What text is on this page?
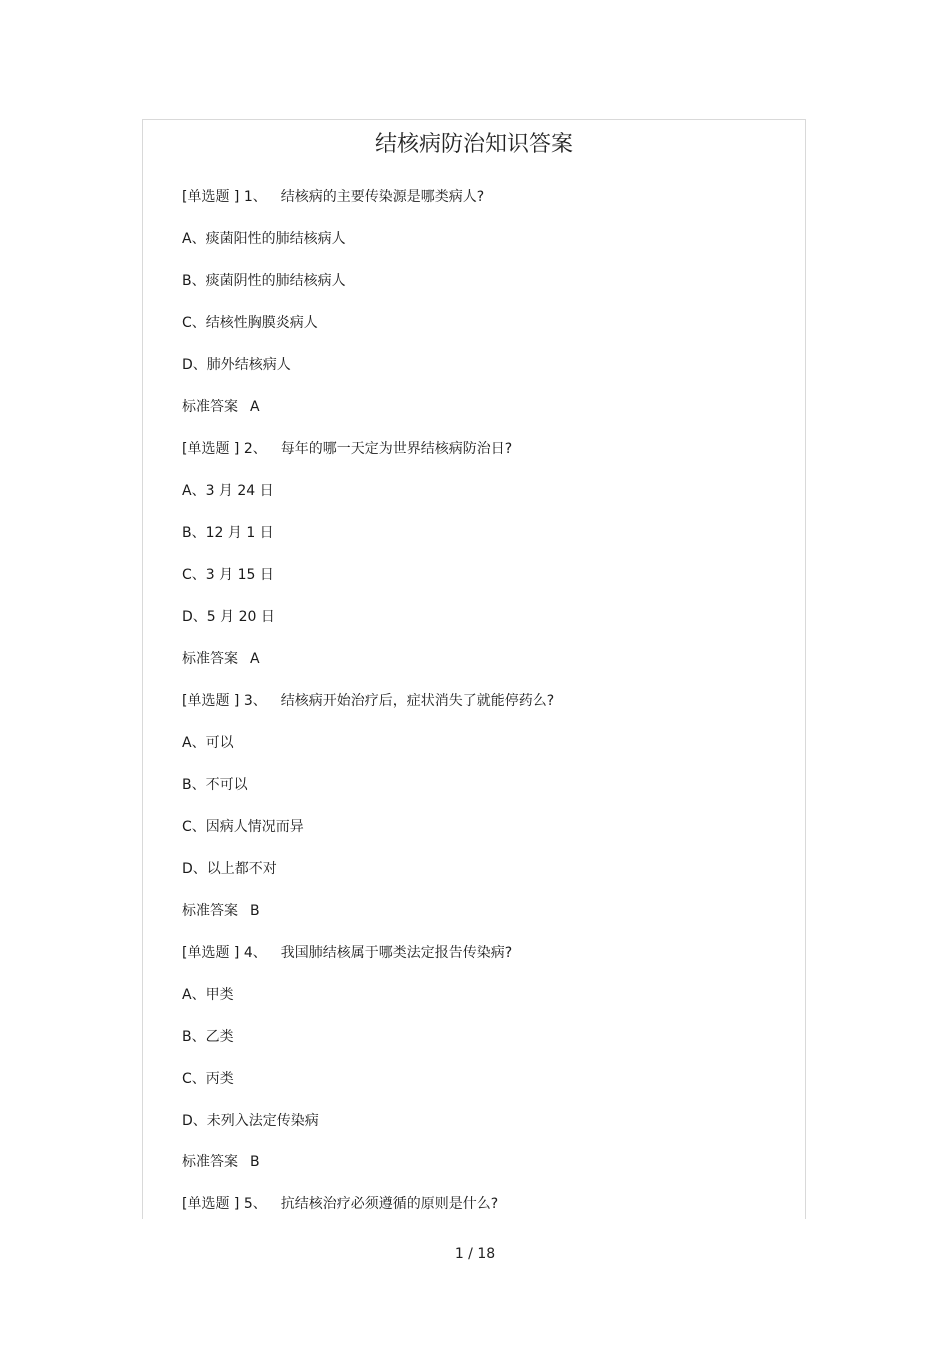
结核病防治知识答案
[单选题 ] 1、 结核病的主要传染源是哪类病人?
A、痰菌阳性的肺结核病人
B、痰菌阴性的肺结核病人
C、结核性胸膜炎病人
D、肺外结核病人
标准答案 A
[单选题 ] 2、 每年的哪一天定为世界结核病防治日?
A、3 月 24 日
B、12 月 1 日
C、3 月 15 日
D、5 月 20 日
标准答案 A
[单选题 ] 3、 结核病开始治疗后，症状消失了就能停药么?
A、可以
B、不可以
C、因病人情况而异
D、以上都不对
标准答案 B
[单选题 ] 4、 我国肺结核属于哪类法定报告传染病?
A、甲类
B、乙类
C、丙类
D、未列入法定传染病
标准答案 B
[单选题 ] 5、 抗结核治疗必须遵循的原则是什么?
1 / 18
